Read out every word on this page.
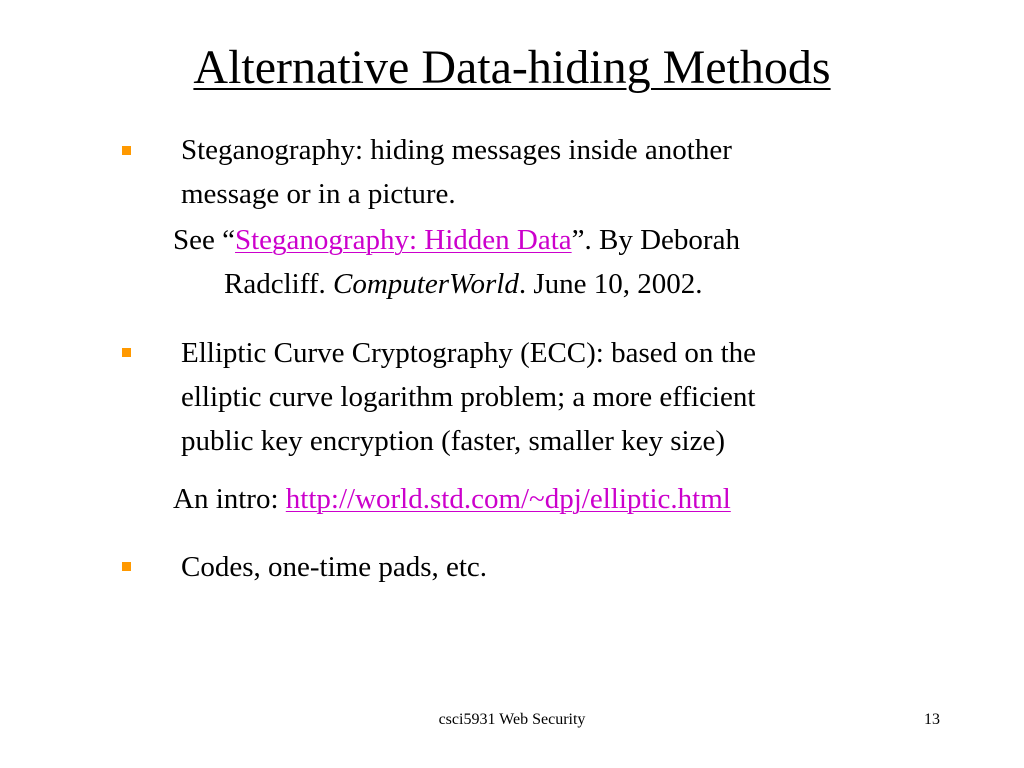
Alternative Data-hiding Methods
Steganography: hiding messages inside another
message or in a picture.
See “Steganography: Hidden Data”. By Deborah
Radcliff. ComputerWorld. June 10, 2002.
Elliptic Curve Cryptography (ECC): based on the
elliptic curve logarithm problem; a more efficient
public key encryption (faster, smaller key size)
An intro: http://world.std.com/~dpj/elliptic.html
Codes, one-time pads, etc.
csci5931 Web Security	13
